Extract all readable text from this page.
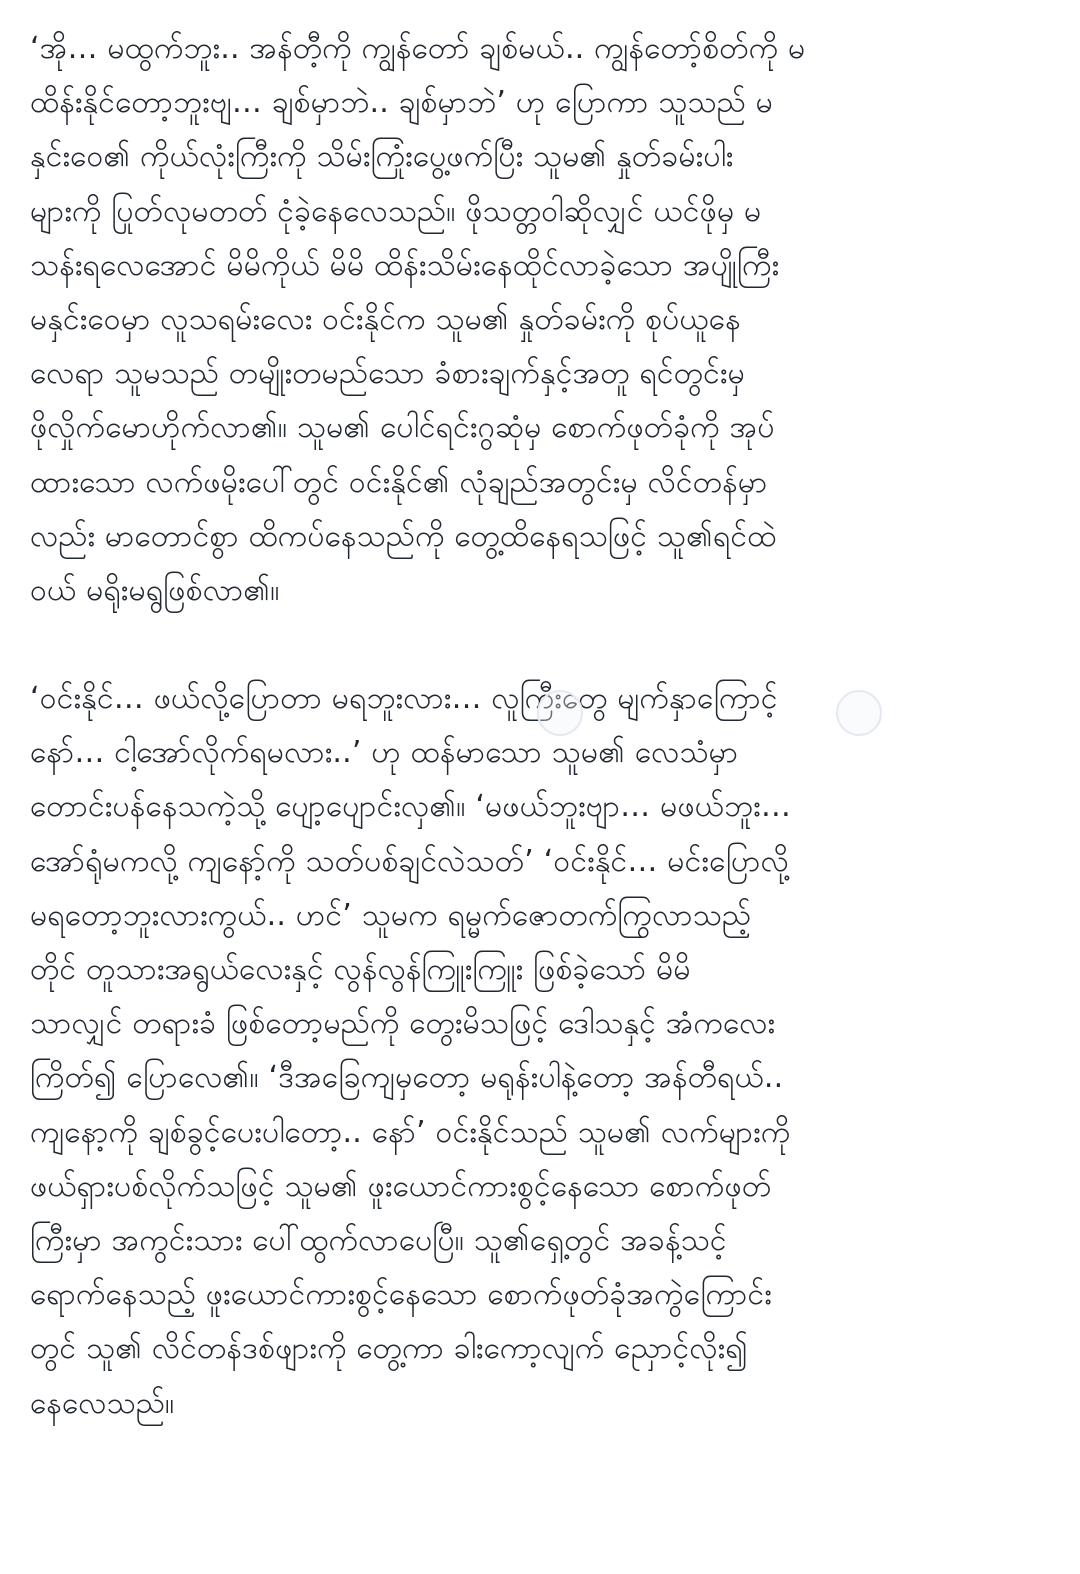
‘အို… မထွက်ဘူး.. အန်တီ့ကို ကျွန်တော် ချစ်မယ်.. ကျွန်တော့်စိတ်ကို မ
ထိန်းနိုင်တော့ဘူးဗျ… ချစ်မှာဘဲ.. ချစ်မှာဘဲ’ ဟု ပြောကာ သူသည် မ
နှင်းဝေ၏ ကိုယ်လုံးကြီးကို သိမ်းကြုံးပွေ့ဖက်ပြီး သူမ၏ နှုတ်ခမ်းပါး
များကို ပြုတ်လုမတတ် ငုံခဲ့နေလေသည်။ ဖိုသတ္တဝါဆိုလျှင် ယင်ဖိုမှ မ
သန်းရလေအောင် မိမိကိုယ် မိမိ ထိန်းသိမ်းနေထိုင်လာခဲ့သော အပျိုကြီး
မနှင်းဝေမှာ လူသရမ်းလေး ဝင်းနိုင်က သူမ၏ နှုတ်ခမ်းကို စုပ်ယူနေ
လေရာ သူမသည် တမျိုးတမည်သော ခံစားချက်နှင့်အတူ ရင်တွင်းမှ
ဖိုလှိုက်မောဟိုက်လာ၏။ သူမ၏ ပေါင်ရင်းဂွဆုံမှ စောက်ဖုတ်ခုံကို အုပ်
ထားသော လက်ဖမိုးပေါ်တွင် ဝင်းနိုင်၏ လုံချည်အတွင်းမှ လိင်တန်မှာ
လည်း မာတောင်စွာ ထိကပ်နေသည်ကို တွေ့ထိနေရသဖြင့် သူ၏ရင်ထဲ
ဝယ် မရိုးမရွဖြစ်လာ၏။
‘ဝင်းနိုင်… ဖယ်လို့ပြောတာ မရဘူးလား… လူကြီးတွေ မျက်နှာကြောင့်
နော်… ငါ့အော်လိုက်ရမလား..’ ဟု ထန်မာသော သူမ၏ လေသံမှာ
တောင်းပန်နေသကဲ့သို့ ပျော့ပျောင်းလှ၏။ ‘မဖယ်ဘူးဗျာ… မဖယ်ဘူး…
အော်ရုံမကလို့ ကျနော့်ကို သတ်ပစ်ချင်လဲသတ်’ ‘ဝင်းနိုင်… မင်းပြောလို့
မရတော့ဘူးလားကွယ်.. ဟင်’ သူမက ရမ္မက်ဇောတက်ကြွလာသည့်
တိုင် တူသားအရွယ်လေးနှင့် လွန်လွန်ကြူးကြူး ဖြစ်ခဲ့သော် မိမိ
သာလျှင် တရားခံ ဖြစ်တော့မည်ကို တွေးမိသဖြင့် ဒေါသနှင့် အံကလေး
ကြိတ်၍ ပြောလေ၏။ ‘ဒီအခြေကျမှတော့ မရုန်းပါနဲ့တော့ အန်တီရယ်..
ကျနော့ကို ချစ်ခွင့်ပေးပါတော့.. နော်’ ဝင်းနိုင်သည် သူမ၏ လက်များကို
ဖယ်ရှားပစ်လိုက်သဖြင့် သူမ၏ ဖူးယောင်ကားစွင့်နေသော စောက်ဖုတ်
ကြီးမှာ အကွင်းသား ပေါ်ထွက်လာပေပြီ။ သူ၏ရှေ့တွင် အခန့်သင့်
ရောက်နေသည့် ဖူးယောင်ကားစွင့်နေသော စောက်ဖုတ်ခုံအကွဲကြောင်း
တွင် သူ၏ လိင်တန်ဒစ်ဖျားကို တွေ့ကာ ခါးကော့လျက် ညှောင့်လိုး၍
နေလေသည်။
